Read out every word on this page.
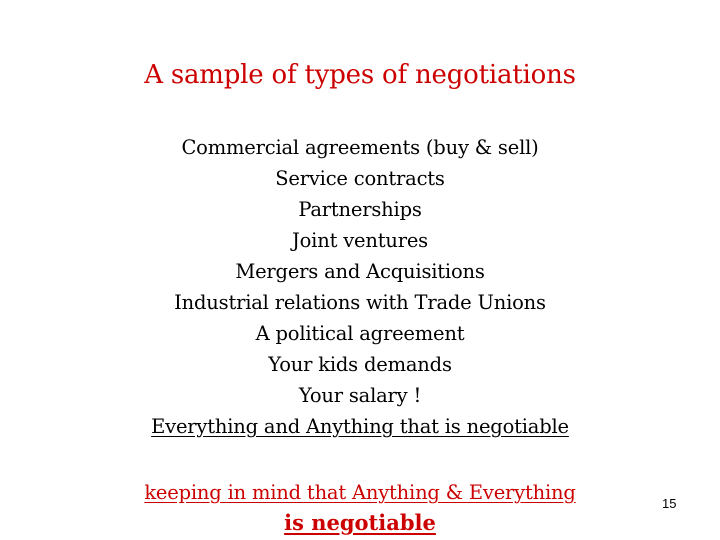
A sample of types of negotiations
Commercial agreements (buy & sell)
Service contracts
Partnerships
Joint ventures
Mergers and Acquisitions
Industrial relations with Trade Unions
A political agreement
Your kids demands
Your salary !
Everything and Anything that is negotiable
keeping in mind that Anything & Everything
is negotiable
15
